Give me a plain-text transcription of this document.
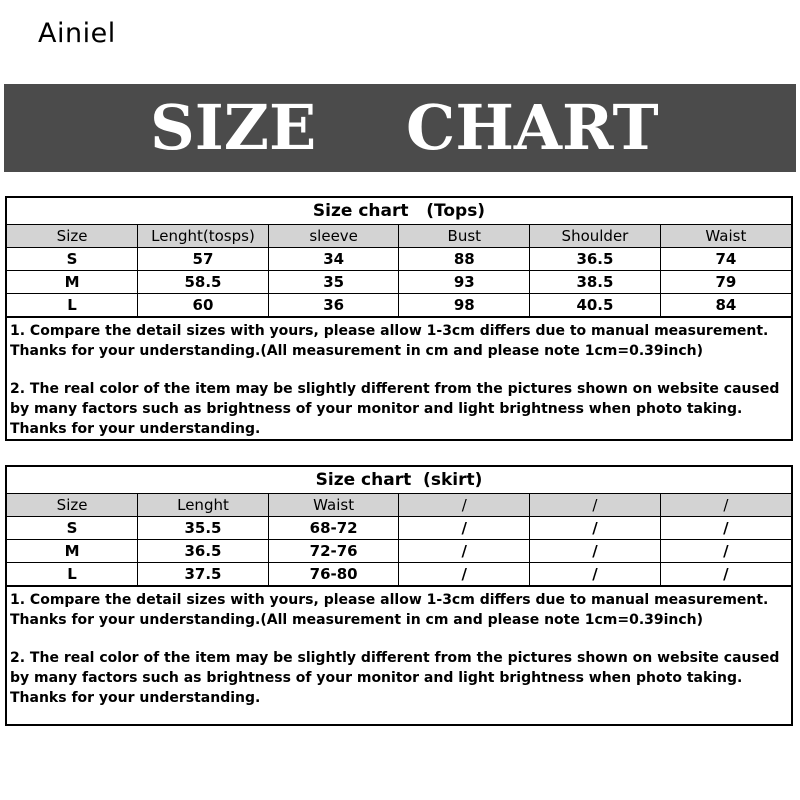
Ainiel
SIZE CHART
Size chart   (Tops)
Size	Lenght(tosps)	sleeve	Bust	Shoulder	Waist
S	57	34	88	36.5	74
M	58.5	35	93	38.5	79
L	60	36	98	40.5	84

1. Compare the detail sizes with yours, please allow 1-3cm differs due to manual measurement. Thanks for your understanding.(All measurement in cm and please note 1cm=0.39inch)

2. The real color of the item may be slightly different from the pictures shown on website caused by many factors such as brightness of your monitor and light brightness when photo taking. Thanks for your understanding.

Size chart  (skirt)
Size	Lenght	Waist	/	/	/
S	35.5	68-72	/	/	/
M	36.5	72-76	/	/	/
L	37.5	76-80	/	/	/

1. Compare the detail sizes with yours, please allow 1-3cm differs due to manual measurement. Thanks for your understanding.(All measurement in cm and please note 1cm=0.39inch)

2. The real color of the item may be slightly different from the pictures shown on website caused by many factors such as brightness of your monitor and light brightness when photo taking. Thanks for your understanding.
